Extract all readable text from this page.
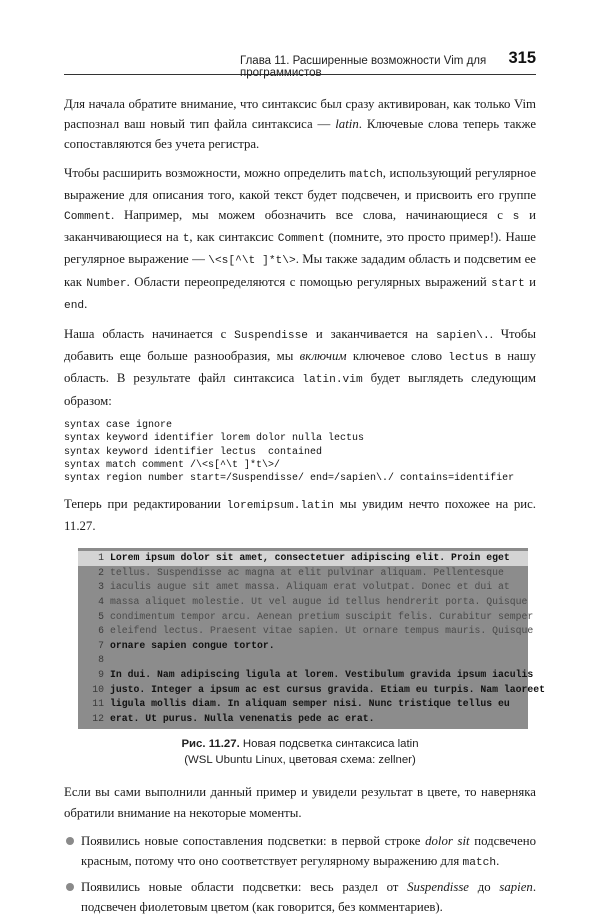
Глава 11. Расширенные возможности Vim для программистов
315

Для начала обратите внимание, что синтаксис был сразу активирован, как только Vim распознал ваш новый тип файла синтаксиса — latin. Ключевые слова теперь также сопоставляются без учета регистра.

Чтобы расширить возможности, можно определить match, использующий регулярное выражение для описания того, какой текст будет подсвечен, и присвоить его группе Comment. Например, мы можем обозначить все слова, начинающиеся с s и заканчивающиеся на t, как синтаксис Comment (помните, это просто пример!). Наше регулярное выражение — \<s[^\t ]*t\>. Мы также зададим область и подсветим ее как Number. Области переопределяются с помощью регулярных выражений start и end.

Наша область начинается с Suspendisse и заканчивается на sapien\.. Чтобы добавить еще больше разнообразия, мы включим ключевое слово lectus в нашу область. В результате файл синтаксиса latin.vim будет выглядеть следующим образом:

syntax case ignore
syntax keyword identifier lorem dolor nulla lectus
syntax keyword identifier lectus  contained
syntax match comment /\<s[^\t ]*t\>/
syntax region number start=/Suspendisse/ end=/sapien\./ contains=identifier

Теперь при редактировании loremipsum.latin мы увидим нечто похожее на рис. 11.27.

1 Lorem ipsum dolor sit amet, consectetuer adipiscing elit. Proin eget
2 tellus. Suspendisse ac magna at elit pulvinar aliquam. Pellentesque
3 iaculis augue sit amet massa. Aliquam erat volutpat. Donec et dui at
4 massa aliquet molestie. Ut vel augue id tellus hendrerit porta. Quisque
5 condimentum tempor arcu. Aenean pretium suscipit felis. Curabitur semper
6 eleifend lectus. Praesent vitae sapien. Ut ornare tempus mauris. Quisque
7 ornare sapien congue tortor.
8
9 In dui. Nam adipiscing ligula at lorem. Vestibulum gravida ipsum iaculis
10 justo. Integer a ipsum ac est cursus gravida. Etiam eu turpis. Nam laoreet
11 ligula mollis diam. In aliquam semper nisi. Nunc tristique tellus eu
12 erat. Ut purus. Nulla venenatis pede ac erat.
Рис. 11.27. Новая подсветка синтаксиса latin
(WSL Ubuntu Linux, цветовая схема: zellner)

Если вы сами выполнили данный пример и увидели результат в цвете, то наверняка обратили внимание на некоторые моменты.

Появились новые сопоставления подсветки: в первой строке dolor sit подсвечено красным, потому что оно соответствует регулярному выражению для match.
Появились новые области подсветки: весь раздел от Suspendisse до sapien. подсвечен фиолетовым цветом (как говорится, без комментариев).
